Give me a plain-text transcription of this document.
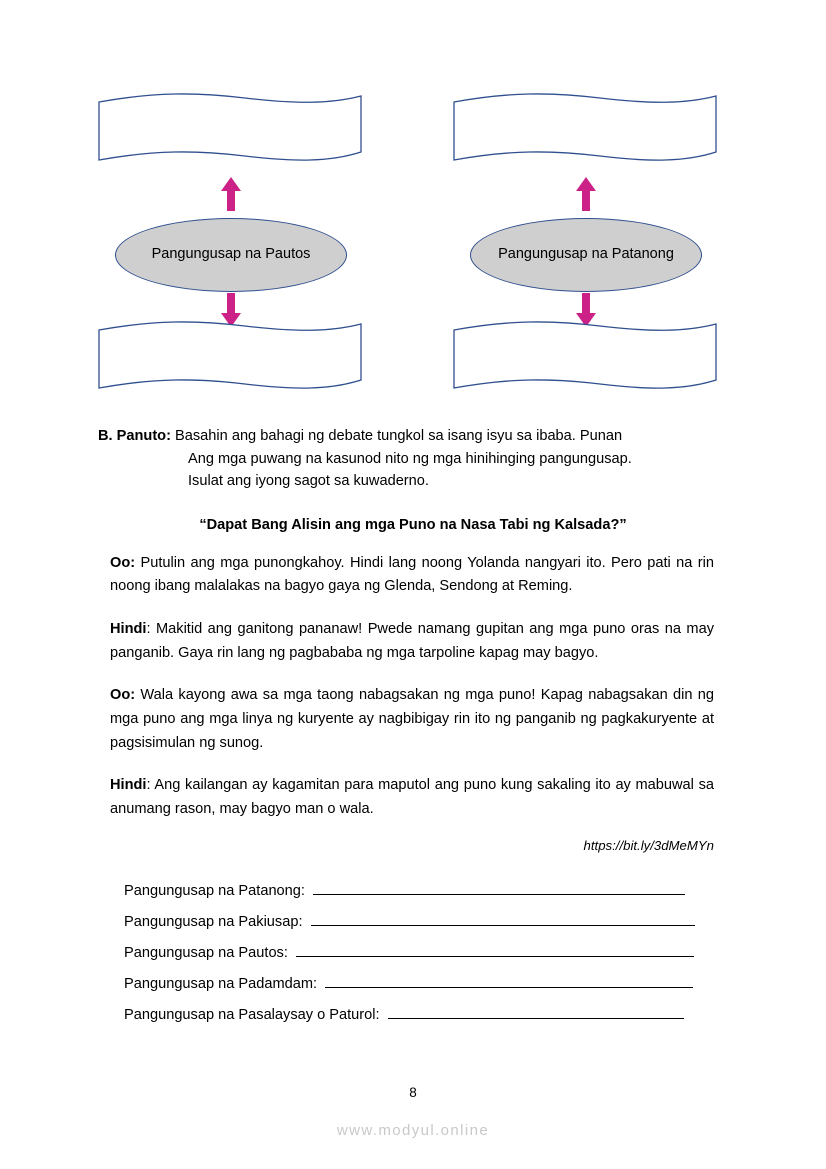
Pangungusap na Pautos	Pangungusap na Patanong
B. Panuto: Basahin ang bahagi ng debate tungkol sa isang isyu sa ibaba. Punan
Ang mga puwang na kasunod nito ng mga hinihinging pangungusap.
Isulat ang iyong sagot sa kuwaderno.
“Dapat Bang Alisin ang mga Puno na Nasa Tabi ng Kalsada?”

Oo: Putulin ang mga punongkahoy. Hindi lang noong Yolanda nangyari ito. Pero pati na rin noong ibang malalakas na bagyo gaya ng Glenda, Sendong at Reming.

Hindi: Makitid ang ganitong pananaw! Pwede namang gupitan ang mga puno oras na may panganib. Gaya rin lang ng pagbababa ng mga tarpoline kapag may bagyo.

Oo: Wala kayong awa sa mga taong nabagsakan ng mga puno! Kapag nabagsakan din ng mga puno ang mga linya ng kuryente ay nagbibigay rin ito ng panganib ng pagkakuryente at pagsisimulan ng sunog.

Hindi: Ang kailangan ay kagamitan para maputol ang puno kung sakaling ito ay mabuwal sa anumang rason, may bagyo man o wala.

https://bit.ly/3dMeMYn
Pangungusap na Patanong:
Pangungusap na Pakiusap:
Pangungusap na Pautos:
Pangungusap na Padamdam:
Pangungusap na Pasalaysay o Paturol:
8
www.modyul.online
